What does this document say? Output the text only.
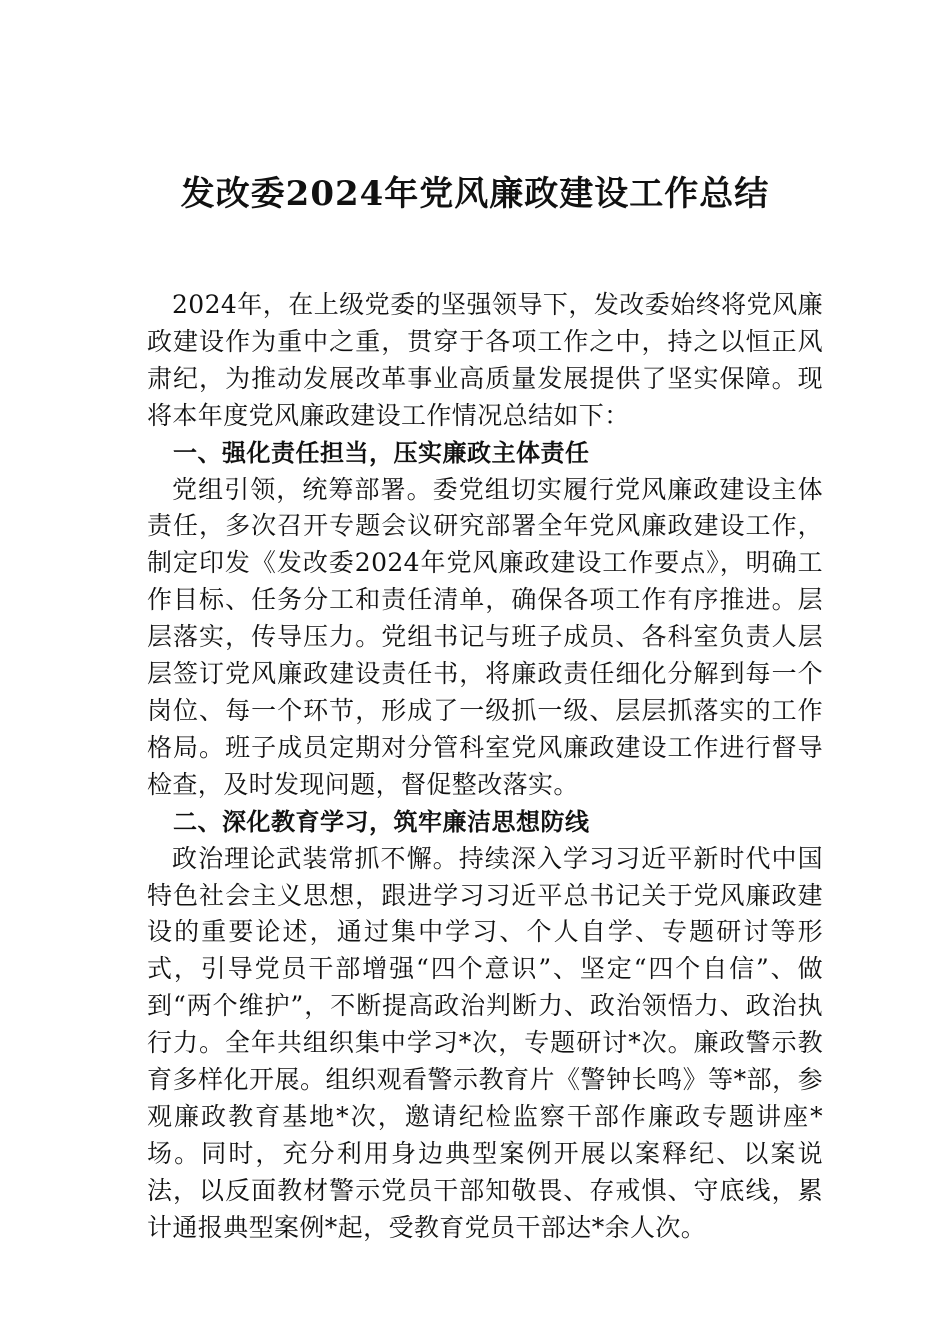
发改委2024年党风廉政建设工作总结

2024年，在上级党委的坚强领导下，发改委始终将党风廉政建设作为重中之重，贯穿于各项工作之中，持之以恒正风肃纪，为推动发展改革事业高质量发展提供了坚实保障。现将本年度党风廉政建设工作情况总结如下：

一、强化责任担当，压实廉政主体责任

党组引领，统筹部署。委党组切实履行党风廉政建设主体责任，多次召开专题会议研究部署全年党风廉政建设工作，制定印发《发改委2024年党风廉政建设工作要点》，明确工作目标、任务分工和责任清单，确保各项工作有序推进。层层落实，传导压力。党组书记与班子成员、各科室负责人层层签订党风廉政建设责任书，将廉政责任细化分解到每一个岗位、每一个环节，形成了一级抓一级、层层抓落实的工作格局。班子成员定期对分管科室党风廉政建设工作进行督导检查，及时发现问题，督促整改落实。

二、深化教育学习，筑牢廉洁思想防线

政治理论武装常抓不懈。持续深入学习习近平新时代中国特色社会主义思想，跟进学习习近平总书记关于党风廉政建设的重要论述，通过集中学习、个人自学、专题研讨等形式，引导党员干部增强“四个意识”、坚定“四个自信”、做到“两个维护”，不断提高政治判断力、政治领悟力、政治执行力。全年共组织集中学习*次，专题研讨*次。廉政警示教育多样化开展。组织观看警示教育片《警钟长鸣》等*部，参观廉政教育基地*次，邀请纪检监察干部作廉政专题讲座*场。同时，充分利用身边典型案例开展以案释纪、以案说法，以反面教材警示党员干部知敬畏、存戒惧、守底线，累计通报典型案例*起，受教育党员干部达*余人次。
